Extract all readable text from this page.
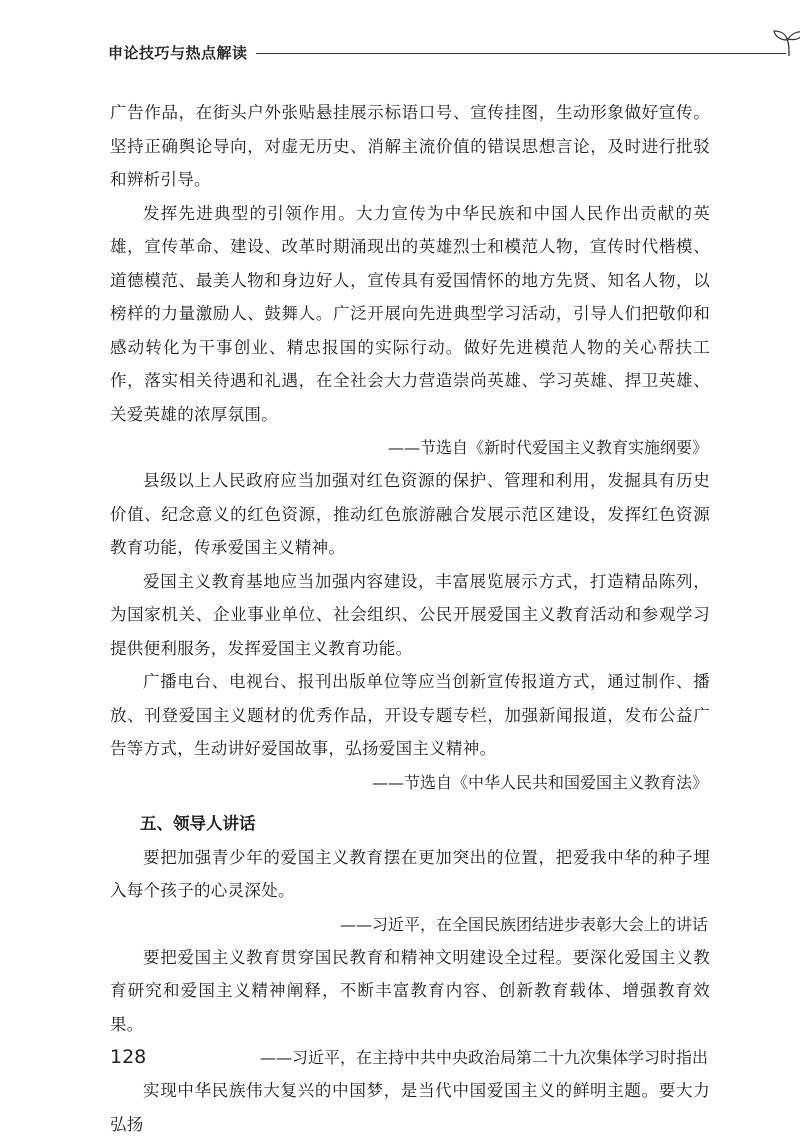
申论技巧与热点解读

广告作品，在街头户外张贴悬挂展示标语口号、宣传挂图，生动形象做好宣传。坚持正确舆论导向，对虚无历史、消解主流价值的错误思想言论，及时进行批驳和辨析引导。

发挥先进典型的引领作用。大力宣传为中华民族和中国人民作出贡献的英雄，宣传革命、建设、改革时期涌现出的英雄烈士和模范人物，宣传时代楷模、道德模范、最美人物和身边好人，宣传具有爱国情怀的地方先贤、知名人物，以榜样的力量激励人、鼓舞人。广泛开展向先进典型学习活动，引导人们把敬仰和感动转化为干事创业、精忠报国的实际行动。做好先进模范人物的关心帮扶工作，落实相关待遇和礼遇，在全社会大力营造崇尚英雄、学习英雄、捍卫英雄、关爱英雄的浓厚氛围。

——节选自《新时代爱国主义教育实施纲要》

县级以上人民政府应当加强对红色资源的保护、管理和利用，发掘具有历史价值、纪念意义的红色资源，推动红色旅游融合发展示范区建设，发挥红色资源教育功能，传承爱国主义精神。

爱国主义教育基地应当加强内容建设，丰富展览展示方式，打造精品陈列，为国家机关、企业事业单位、社会组织、公民开展爱国主义教育活动和参观学习提供便利服务，发挥爱国主义教育功能。

广播电台、电视台、报刊出版单位等应当创新宣传报道方式，通过制作、播放、刊登爱国主义题材的优秀作品，开设专题专栏，加强新闻报道，发布公益广告等方式，生动讲好爱国故事，弘扬爱国主义精神。

——节选自《中华人民共和国爱国主义教育法》

五、领导人讲话

要把加强青少年的爱国主义教育摆在更加突出的位置，把爱我中华的种子埋入每个孩子的心灵深处。

——习近平，在全国民族团结进步表彰大会上的讲话

要把爱国主义教育贯穿国民教育和精神文明建设全过程。要深化爱国主义教育研究和爱国主义精神阐释，不断丰富教育内容、创新教育载体、增强教育效果。

——习近平，在主持中共中央政治局第二十九次集体学习时指出

实现中华民族伟大复兴的中国梦，是当代中国爱国主义的鲜明主题。要大力弘扬

128
